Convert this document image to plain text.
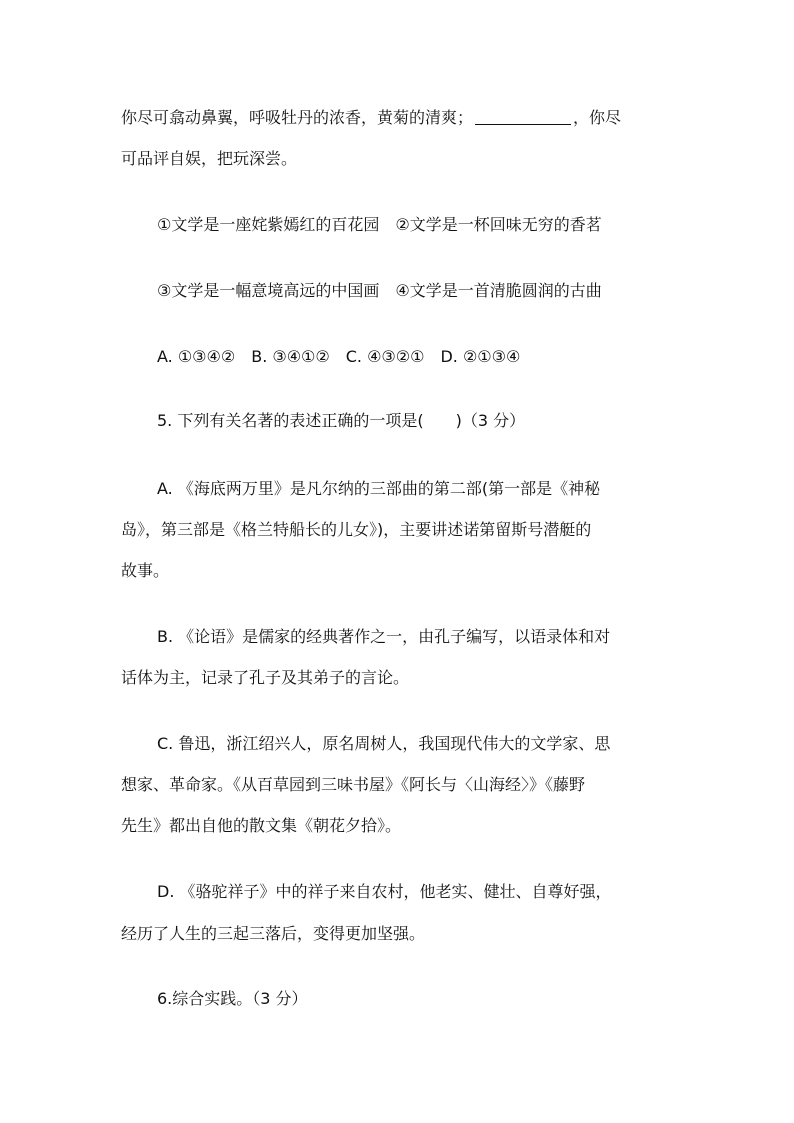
你尽可翕动鼻翼，呼吸牡丹的浓香，黄菊的清爽；	，你尽
可品评自娱，把玩深尝。
①文学是一座姹紫嫣红的百花园　②文学是一杯回味无穷的香茗
③文学是一幅意境高远的中国画　④文学是一首清脆圆润的古曲
A. ①③④②　B. ③④①②　C. ④③②①　D. ②①③④
5. 下列有关名著的表述正确的一项是(　　)（3 分）
A. 《海底两万里》是凡尔纳的三部曲的第二部(第一部是《神秘
岛》，第三部是《格兰特船长的儿女》)，主要讲述诺第留斯号潜艇的
故事。
B. 《论语》是儒家的经典著作之一，由孔子编写，以语录体和对
话体为主，记录了孔子及其弟子的言论。
C. 鲁迅，浙江绍兴人，原名周树人，我国现代伟大的文学家、思
想家、革命家。《从百草园到三味书屋》《阿长与〈山海经〉》《藤野
先生》都出自他的散文集《朝花夕拾》。
D. 《骆驼祥子》中的祥子来自农村，他老实、健壮、自尊好强，
经历了人生的三起三落后，变得更加坚强。
6.综合实践。（3 分）
